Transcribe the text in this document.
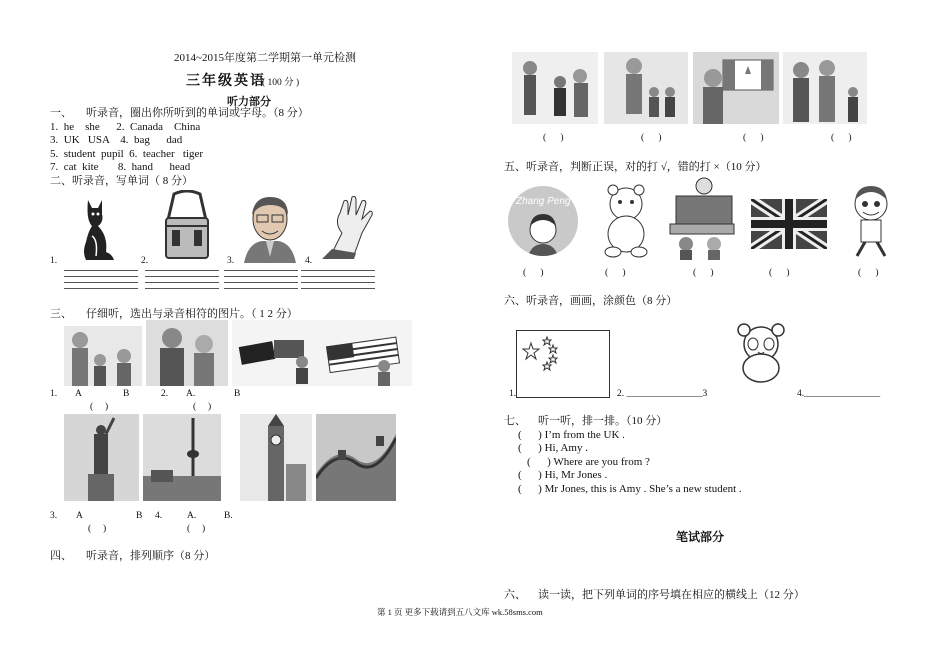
2014~2015年度第二学期第一单元检测
三年级英语
( 100 分 )
听力部分
一、 听录音，圈出你所听到的单词或字母。（8 分）
1.  he    she      2.  Canada    China
3.  UK   USA    4.  bag      dad
5.  student  pupil  6.  teacher   tiger
7.  cat  kite       8.  hand      head
二、听录音，写单词（ 8 分）
1.	2.	3.	4.
三、 仔细听，选出与录音相符的图片。（ 1 2 分）
1. A	B	2. A.	B
(     )	(     )
3. A	B 4.	A.	B.
(     )	(     )
四、 听录音，排列顺序（8 分）
(      )	(      )	(      )	(      )
五、听录音，判断正误，对的打 √，错的打 ×（10 分）
Zhang Peng
(      )	(      )	(      )	(      )	(      )
六、听录音，画画，涂颜色（8 分）
1.	2. ________________3	4.________________
七、 听一听，排一排。（10 分）
(      ) I’m from the UK .
(      ) Hi, Amy .
(      ) Where are you from ?
(      ) Hi, Mr Jones .
(      ) Mr Jones, this is Amy . She’s a new student .
笔试部分
六、 读一读，把下列单词的序号填在相应的横线上（12 分）
第 1 页 更多下载请到五八文库 wk.58sms.com
